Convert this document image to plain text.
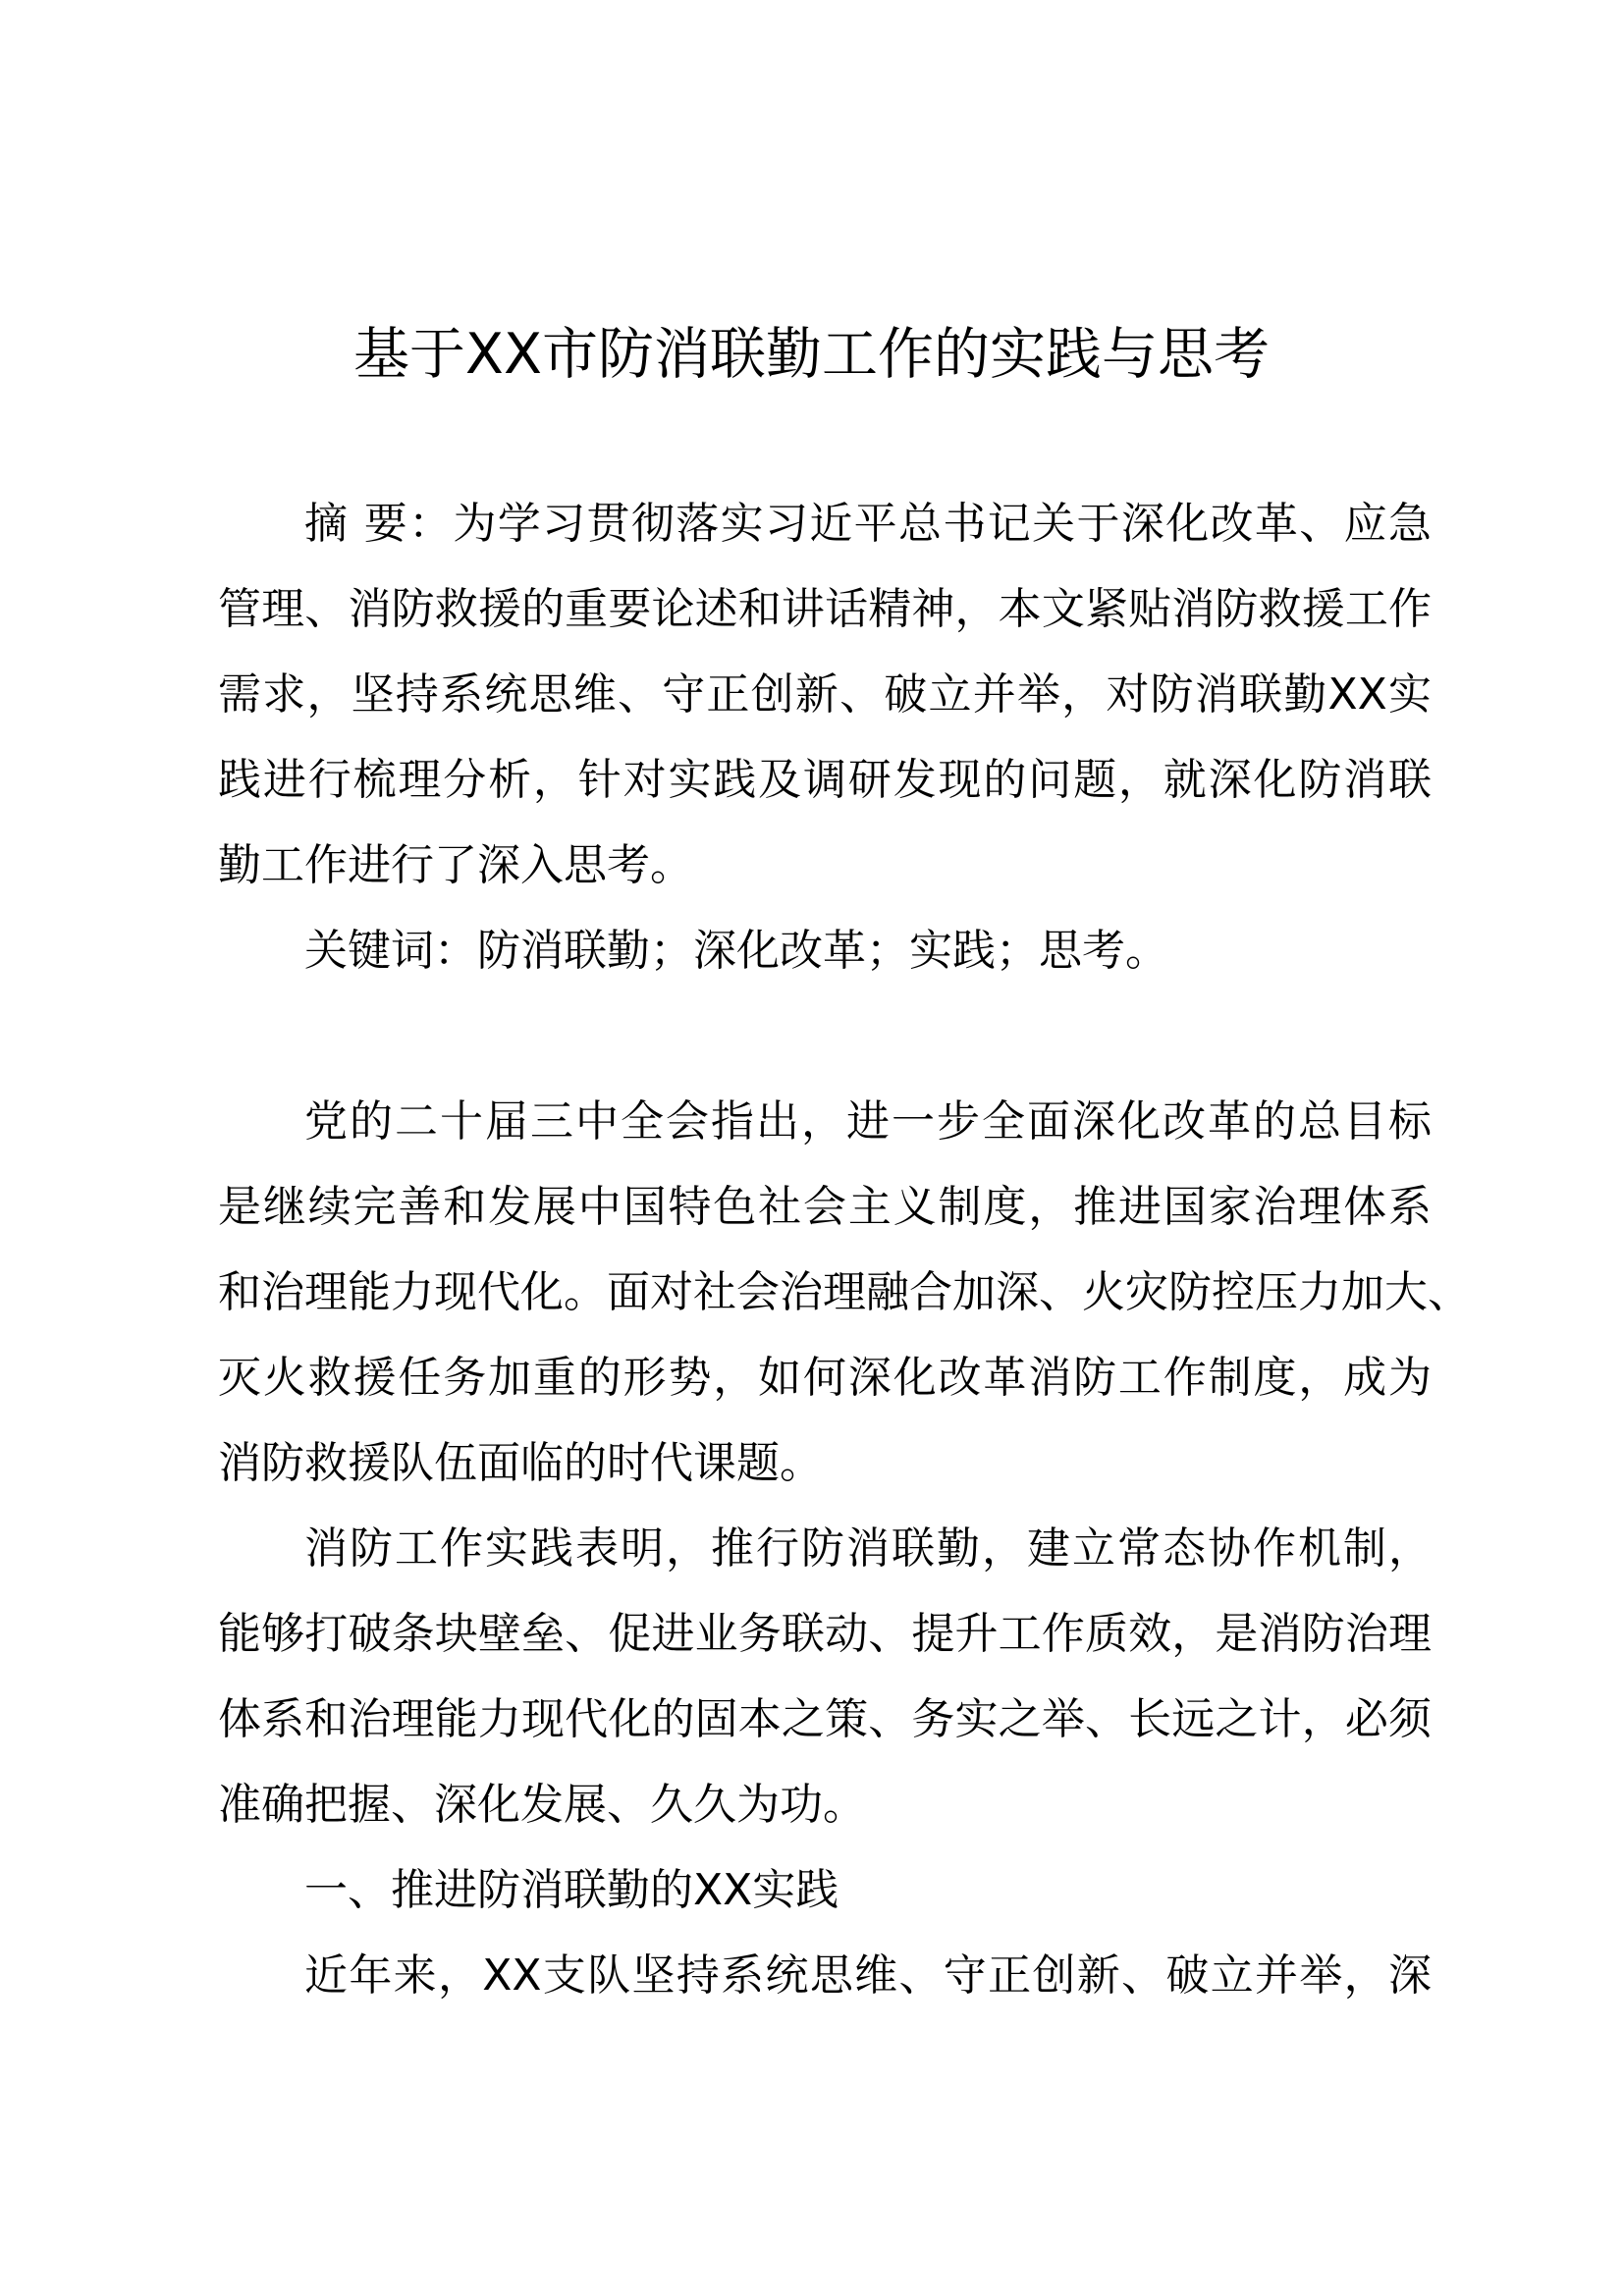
基于XX市防消联勤工作的实践与思考
摘 要：为学习贯彻落实习近平总书记关于深化改革、应急
管理、消防救援的重要论述和讲话精神，本文紧贴消防救援工作
需求，坚持系统思维、守正创新、破立并举，对防消联勤XX实
践进行梳理分析，针对实践及调研发现的问题，就深化防消联
勤工作进行了深入思考。
关键词：防消联勤；深化改革；实践；思考。
党的二十届三中全会指出，进一步全面深化改革的总目标
是继续完善和发展中国特色社会主义制度，推进国家治理体系
和治理能力现代化。面对社会治理融合加深、火灾防控压力加大、
灭火救援任务加重的形势，如何深化改革消防工作制度，成为
消防救援队伍面临的时代课题。
消防工作实践表明，推行防消联勤，建立常态协作机制，
能够打破条块壁垒、促进业务联动、提升工作质效，是消防治理
体系和治理能力现代化的固本之策、务实之举、长远之计，必须
准确把握、深化发展、久久为功。
一、推进防消联勤的XX实践
近年来，XX支队坚持系统思维、守正创新、破立并举，深
